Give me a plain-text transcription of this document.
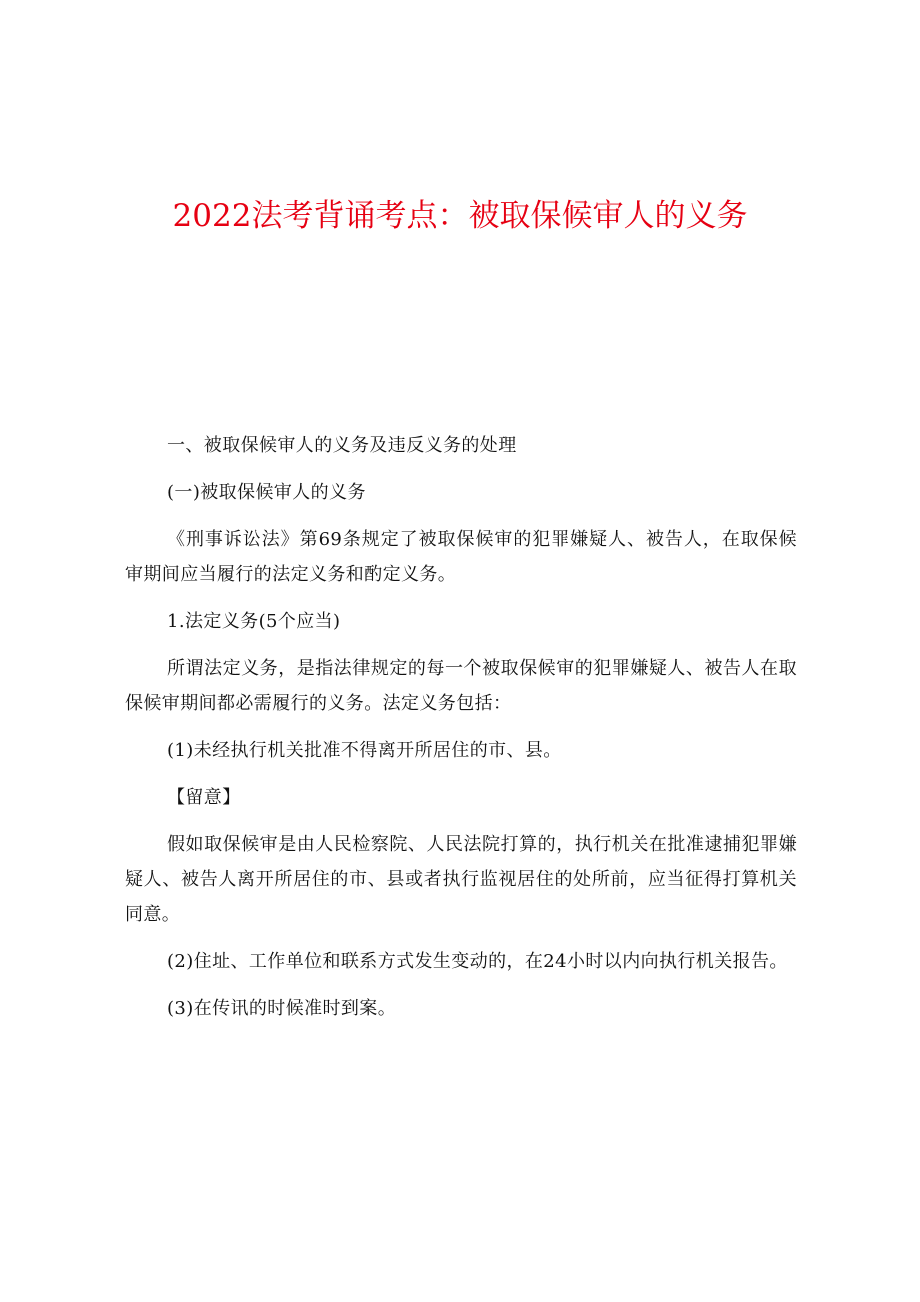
2022法考背诵考点：被取保候审人的义务

一、被取保候审人的义务及违反义务的处理

(一)被取保候审人的义务

《刑事诉讼法》第69条规定了被取保候审的犯罪嫌疑人、被告人，在取保候审期间应当履行的法定义务和酌定义务。

1.法定义务(5个应当)

所谓法定义务，是指法律规定的每一个被取保候审的犯罪嫌疑人、被告人在取保候审期间都必需履行的义务。法定义务包括：

(1)未经执行机关批准不得离开所居住的市、县。

【留意】

假如取保候审是由人民检察院、人民法院打算的，执行机关在批准逮捕犯罪嫌疑人、被告人离开所居住的市、县或者执行监视居住的处所前，应当征得打算机关同意。

(2)住址、工作单位和联系方式发生变动的，在24小时以内向执行机关报告。

(3)在传讯的时候准时到案。
